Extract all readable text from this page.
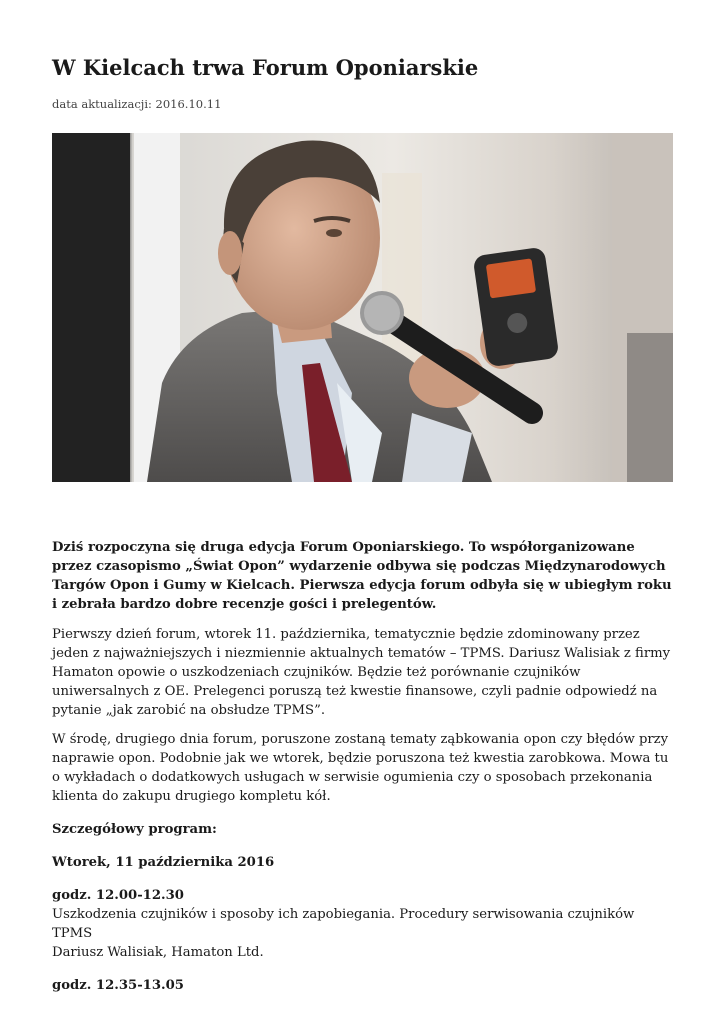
W Kielcach trwa Forum Oponiarskie
data aktualizacji: 2016.10.11

Dziś rozpoczyna się druga edycja Forum Oponiarskiego. To współorganizowane przez czasopismo „Świat Opon” wydarzenie odbywa się podczas Międzynarodowych Targów Opon i Gumy w Kielcach. Pierwsza edycja forum odbyła się w ubiegłym roku i zebrała bardzo dobre recenzje gości i prelegentów.

Pierwszy dzień forum, wtorek 11. października, tematycznie będzie zdominowany przez jeden z najważniejszych i niezmiennie aktualnych tematów – TPMS. Dariusz Walisiak z firmy Hamaton opowie o uszkodzeniach czujników. Będzie też porównanie czujników uniwersalnych z OE. Prelegenci poruszą też kwestie finansowe, czyli padnie odpowiedź na pytanie „jak zarobić na obsłudze TPMS”.

W środę, drugiego dnia forum, poruszone zostaną tematy ząbkowania opon czy błędów przy naprawie opon. Podobnie jak we wtorek, będzie poruszona też kwestia zarobkowa. Mowa tu o wykładach o dodatkowych usługach w serwisie ogumienia czy o sposobach przekonania klienta do zakupu drugiego kompletu kół.

Szczegółowy program:

Wtorek, 11 października 2016

godz. 12.00-12.30
Uszkodzenia czujników i sposoby ich zapobiegania. Procedury serwisowania czujników TPMS
Dariusz Walisiak, Hamaton Ltd.

godz. 12.35-13.05
